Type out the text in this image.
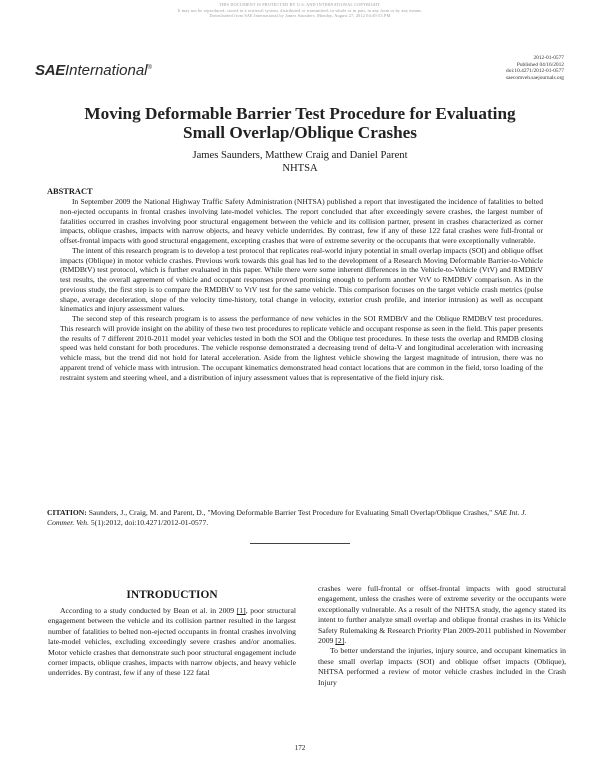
THIS DOCUMENT IS PROTECTED BY U.S. AND INTERNATIONAL COPYRIGHT.
It may not be reproduced, stored in a retrieval system, distributed or transmitted, in whole or in part, in any form or by any means.
Downloaded from SAE International by James Saunders, Monday, August 27, 2012 04:49:53 PM
SAEInternational®
2012-01-0577
Published 04/16/2012
doi:10.4271/2012-01-0577
saecomveh.saejournals.org
Moving Deformable Barrier Test Procedure for Evaluating
Small Overlap/Oblique Crashes
James Saunders, Matthew Craig and Daniel Parent
NHTSA
ABSTRACT

In September 2009 the National Highway Traffic Safety Administration (NHTSA) published a report that investigated the incidence of fatalities to belted non-ejected occupants in frontal crashes involving late-model vehicles. The report concluded that after exceedingly severe crashes, the largest number of fatalities occurred in crashes involving poor structural engagement between the vehicle and its collision partner, present in crashes characterized as corner impacts, oblique crashes, impacts with narrow objects, and heavy vehicle underrides. By contrast, few if any of these 122 fatal crashes were full-frontal or offset-frontal impacts with good structural engagement, excepting crashes that were of extreme severity or the occupants that were exceptionally vulnerable.

The intent of this research program is to develop a test protocol that replicates real-world injury potential in small overlap impacts (SOI) and oblique offset impacts (Oblique) in motor vehicle crashes. Previous work towards this goal has led to the development of a Research Moving Deformable Barrier-to-Vehicle (RMDBtV) test protocol, which is further evaluated in this paper. While there were some inherent differences in the Vehicle-to-Vehicle (VtV) and RMDBtV test results, the overall agreement of vehicle and occupant responses proved promising enough to perform another VtV to RMDBtV comparison. As in the previous study, the first step is to compare the RMDBtV to VtV test for the same vehicle. This comparison focuses on the target vehicle crash metrics (pulse shape, average deceleration, slope of the velocity time-history, total change in velocity, exterior crush profile, and interior intrusion) as well as occupant kinematics and injury assessment values.

The second step of this research program is to assess the performance of new vehicles in the SOI RMDBtV and the Oblique RMDBtV test procedures. This research will provide insight on the ability of these two test procedures to replicate vehicle and occupant response as seen in the field. This paper presents the results of 7 different 2010-2011 model year vehicles tested in both the SOI and the Oblique test procedures. In these tests the overlap and RMDB closing speed was held constant for both procedures. The vehicle response demonstrated a decreasing trend of delta-V and longitudinal acceleration with increasing vehicle mass, but the trend did not hold for lateral acceleration. Aside from the lightest vehicle showing the largest magnitude of intrusion, there was no apparent trend of vehicle mass with intrusion. The occupant kinematics demonstrated head contact locations that are common in the field, torso loading of the restraint system and steering wheel, and a distribution of injury assessment values that is representative of the field injury risk.

CITATION: Saunders, J., Craig, M. and Parent, D., "Moving Deformable Barrier Test Procedure for Evaluating Small Overlap/Oblique Crashes," SAE Int. J. Commer. Veh. 5(1):2012, doi:10.4271/2012-01-0577.
INTRODUCTION
According to a study conducted by Bean et al. in 2009 [1], poor structural engagement between the vehicle and its collision partner resulted in the largest number of fatalities to belted non-ejected occupants in frontal crashes involving late-model vehicles, excluding exceedingly severe crashes and/or anomalies. Motor vehicle crashes that demonstrate such poor structural engagement include corner impacts, oblique crashes, impacts with narrow objects, and heavy vehicle underrides. By contrast, few if any of these 122 fatal

crashes were full-frontal or offset-frontal impacts with good structural engagement, unless the crashes were of extreme severity or the occupants were exceptionally vulnerable. As a result of the NHTSA study, the agency stated its intent to further analyze small overlap and oblique frontal crashes in its Vehicle Safety Rulemaking & Research Priority Plan 2009-2011 published in November 2009 [2].

To better understand the injuries, injury source, and occupant kinematics in these small overlap impacts (SOI) and oblique offset impacts (Oblique), NHTSA performed a review of motor vehicle crashes included in the Crash Injury

172
